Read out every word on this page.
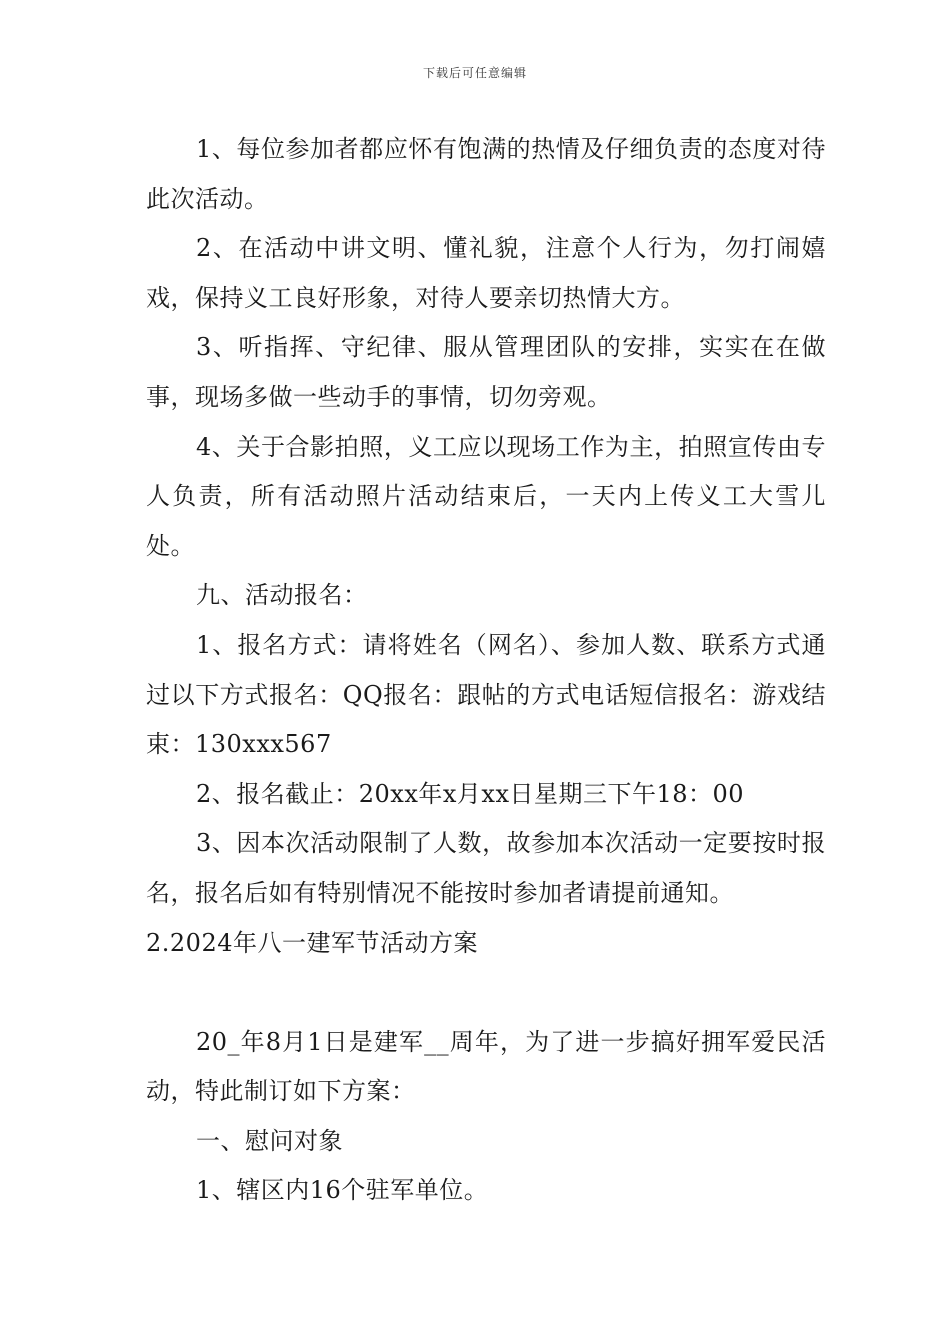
下载后可任意编辑

1、每位参加者都应怀有饱满的热情及仔细负责的态度对待此次活动。

2、在活动中讲文明、懂礼貌，注意个人行为，勿打闹嬉戏，保持义工良好形象，对待人要亲切热情大方。

3、听指挥、守纪律、服从管理团队的安排，实实在在做事，现场多做一些动手的事情，切勿旁观。

4、关于合影拍照，义工应以现场工作为主，拍照宣传由专人负责，所有活动照片活动结束后，一天内上传义工大雪儿处。

九、活动报名：

1、报名方式：请将姓名（网名）、参加人数、联系方式通过以下方式报名：QQ报名：跟帖的方式电话短信报名：游戏结束：130xxx567

2、报名截止：20xx年x月xx日星期三下午18：00

3、因本次活动限制了人数，故参加本次活动一定要按时报名，报名后如有特别情况不能按时参加者请提前通知。

2.2024年八一建军节活动方案

20_年8月1日是建军__周年，为了进一步搞好拥军爱民活动，特此制订如下方案：

一、慰问对象

1、辖区内16个驻军单位。
